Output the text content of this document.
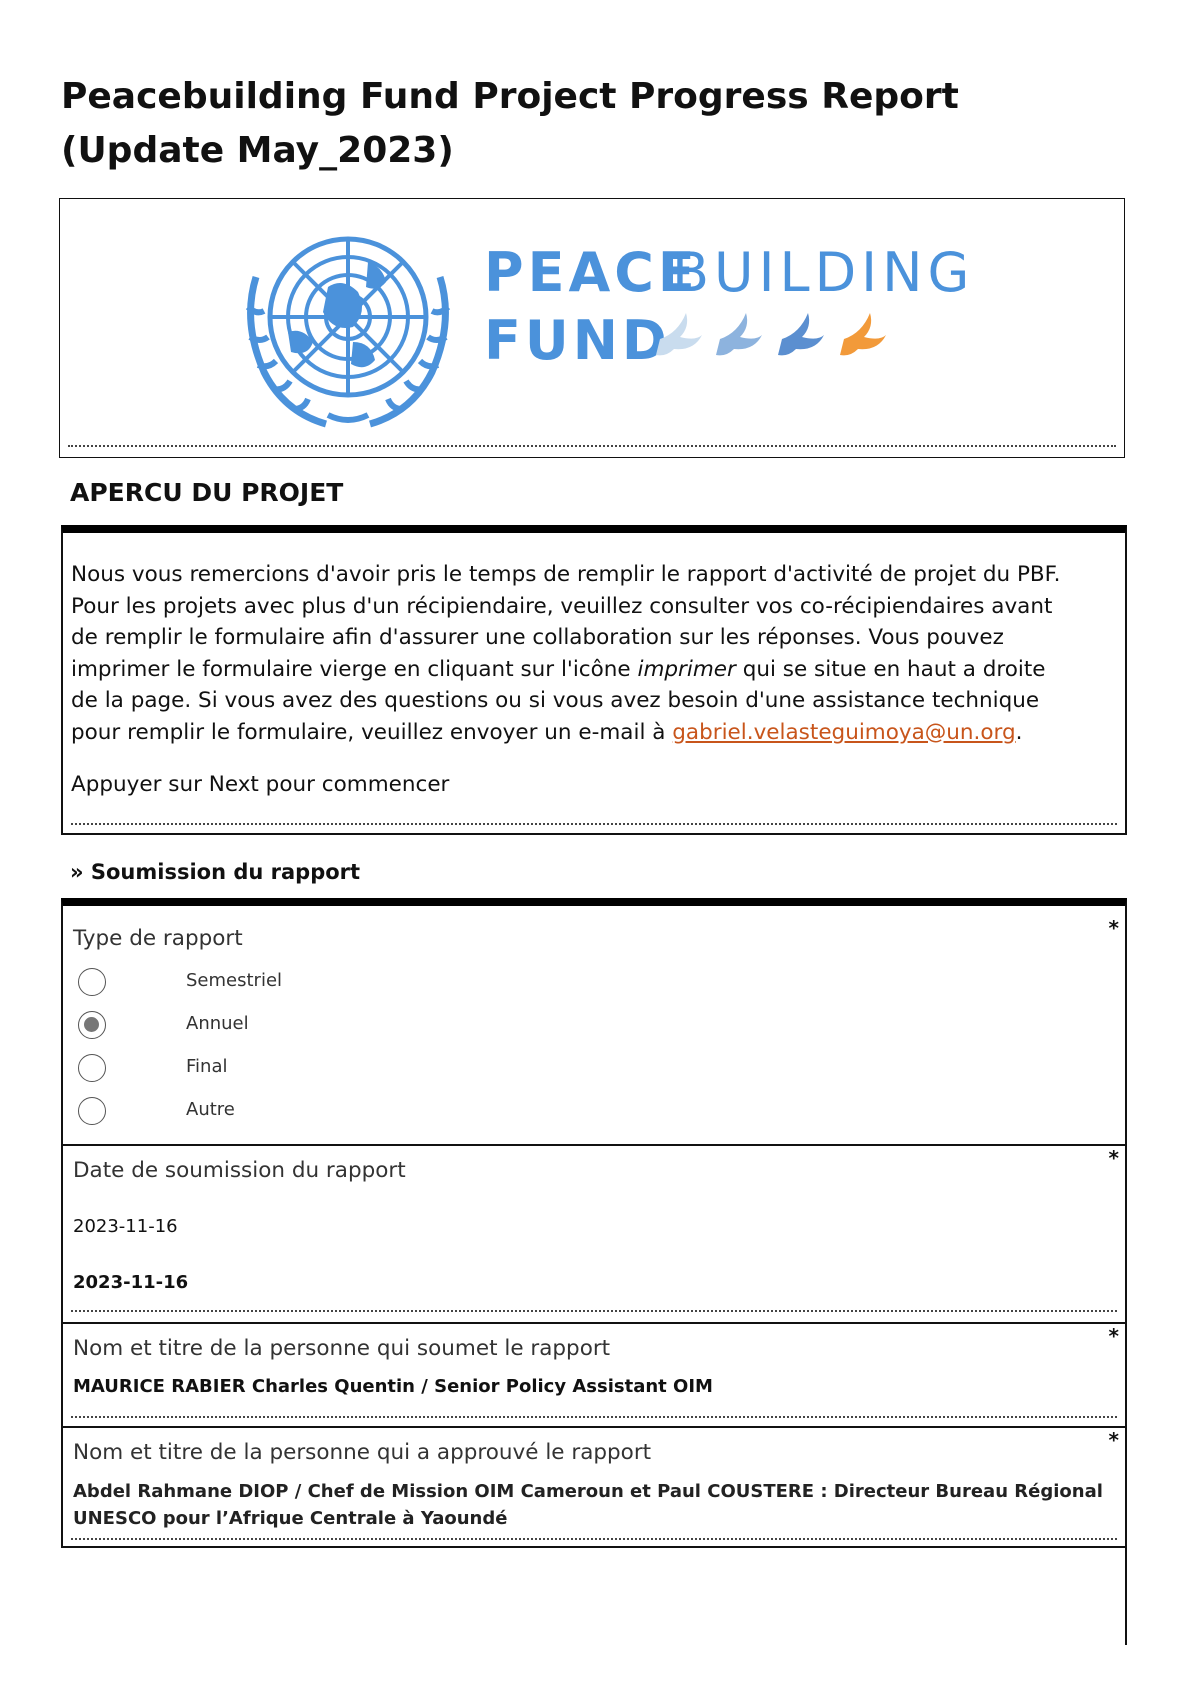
Peacebuilding Fund Project Progress Report (Update May_2023)
PEACE
BUILDING
FUND
APERCU DU PROJET

Nous vous remercions d'avoir pris le temps de remplir le rapport d'activité de projet du PBF. Pour les projets avec plus d'un récipiendaire, veuillez consulter vos co-récipiendaires avant de remplir le formulaire afin d'assurer une collaboration sur les réponses. Vous pouvez imprimer le formulaire vierge en cliquant sur l'icône imprimer qui se situe en haut a droite de la page. Si vous avez des questions ou si vous avez besoin d'une assistance technique pour remplir le formulaire, veuillez envoyer un e-mail à gabriel.velasteguimoya@un.org.

Appuyer sur Next pour commencer

» Soumission du rapport
Type de rapport	*
Semestriel
Annuel
Final
Autre
Date de soumission du rapport	*
2023-11-16
2023-11-16
Nom et titre de la personne qui soumet le rapport	*
MAURICE RABIER Charles Quentin / Senior Policy Assistant OIM
Nom et titre de la personne qui a approuvé le rapport	*
Abdel Rahmane DIOP / Chef de Mission OIM Cameroun et Paul COUSTERE : Directeur Bureau Régional UNESCO pour l’Afrique Centrale à Yaoundé
